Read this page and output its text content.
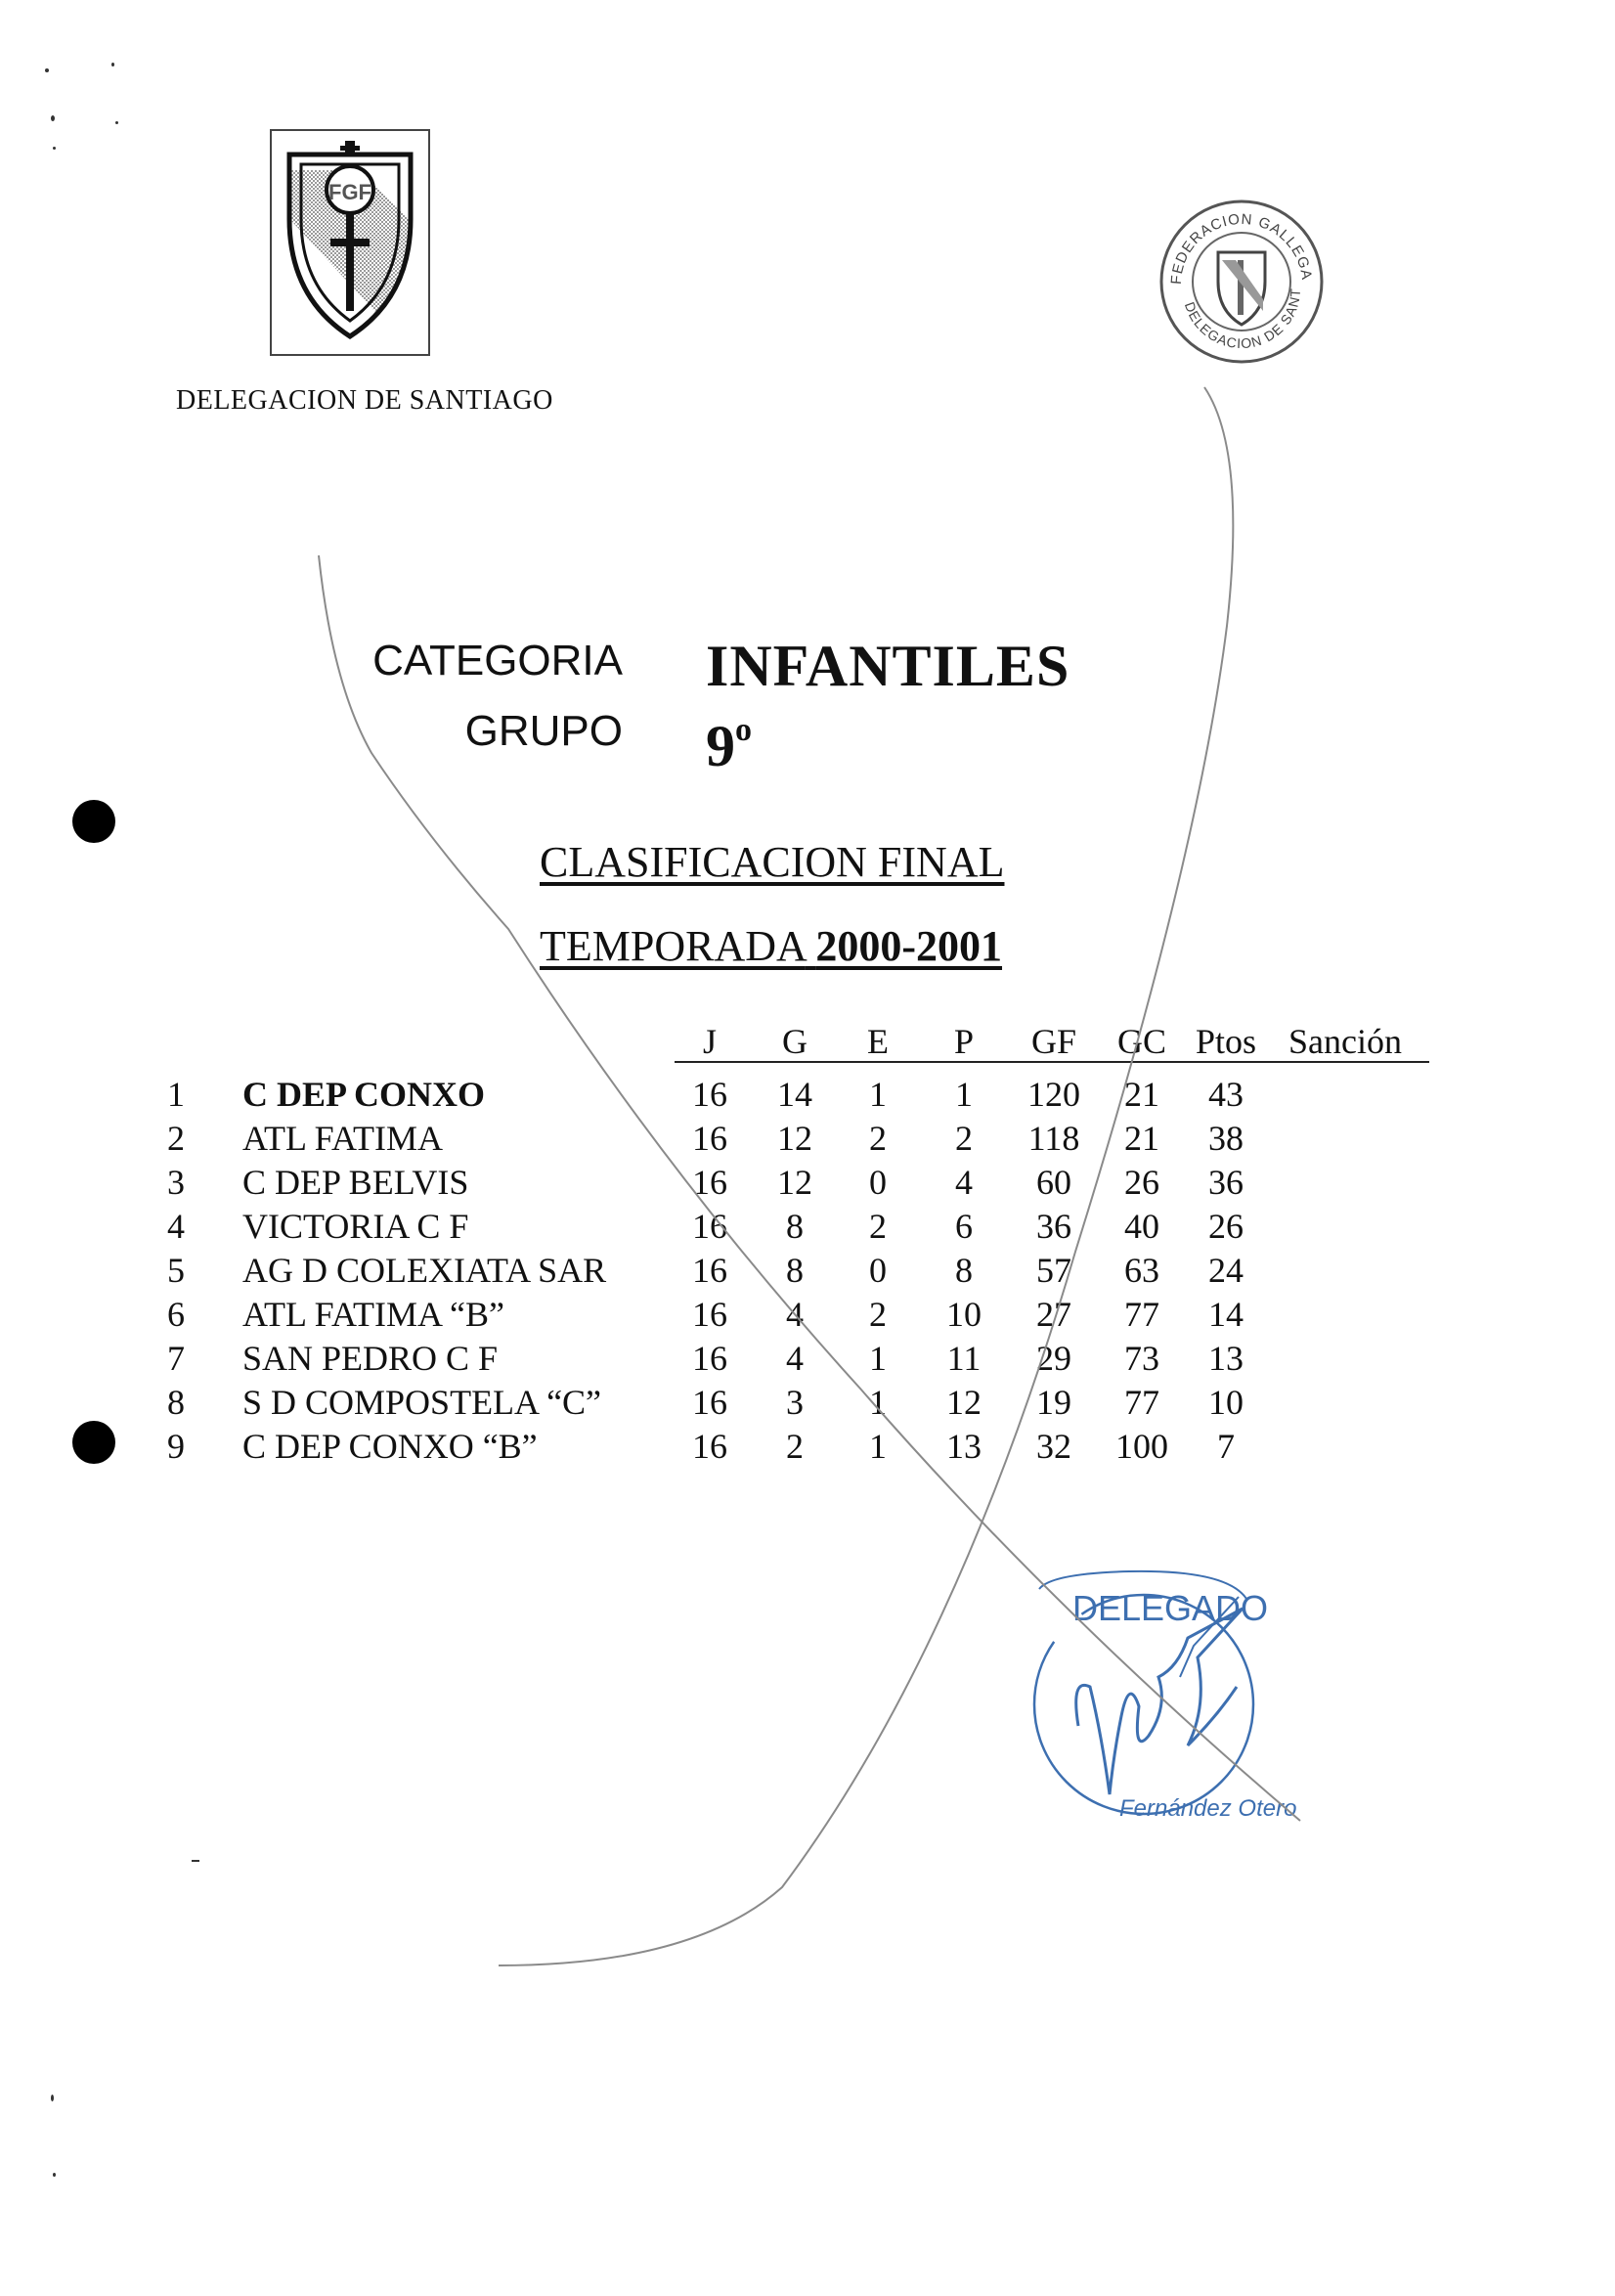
FGF
DELEGACION DE SANTIAGO
FEDERACION GALLEGA
DELEGACION DE SANT
CATEGORIA INFANTILES
GRUPO 9$^o$
CLASIFICACION FINAL
TEMPORADA 2000-2001
J G E P GF GC Ptos Sanción
1 C DEP CONXO	16 14 1 1 120 21 43
2 ATL FATIMA	16 12 2 2 118 21 38
3 C DEP BELVIS	16 12 0 4 60 26 36
4 VICTORIA C F	16 8 2 6 36 40 26
5 AG D COLEXIATA SAR 16 8 0 8 57 63 24
6 ATL FATIMA “B”	16 4 2 10 27 77 14
7 SAN PEDRO C F	16 4 1 11 29 73 13
8 S D COMPOSTELA “C”	16 3 1 12 19 77 10
9 C DEP CONXO “B”	16 2 1 13 32 100 7
DELEGADO
Fernández Otero
